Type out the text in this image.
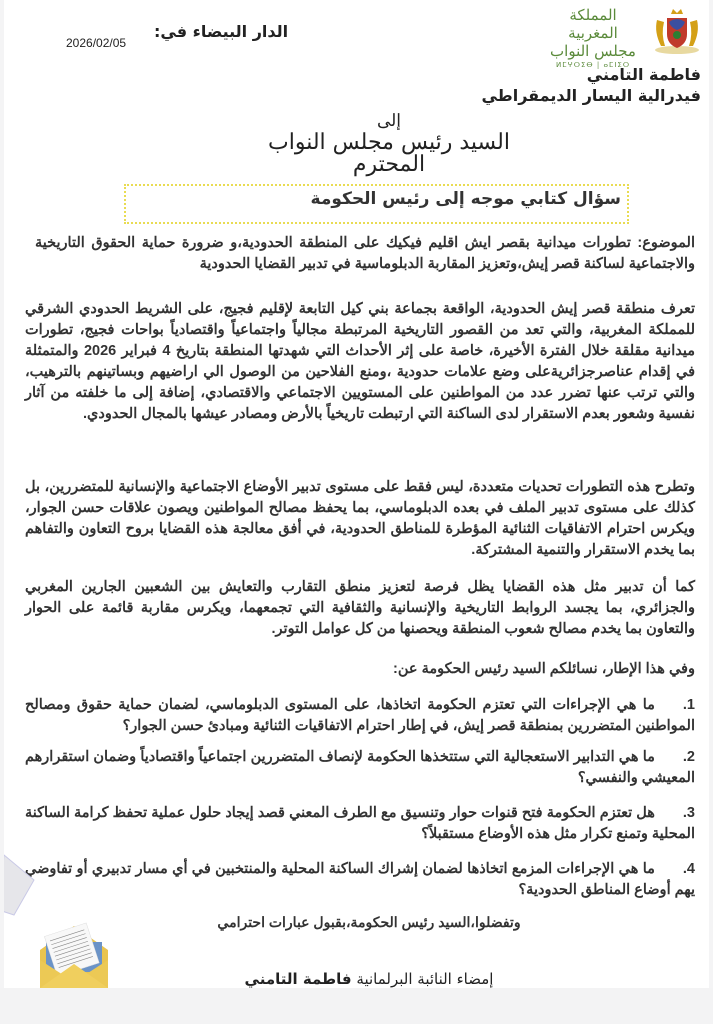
المملكة المغربية
مجلس النواب
ⵍⵎⵖⵔⵉⴱ | ⴰⵎⵏⵉⵔ
الدار البيضاء في:
2026/02/05
فاطمة التامني
فيدرالية اليسار الديمقراطي
إلى
السيد رئيس مجلس النواب المحترم
سؤال كتابي موجه إلى رئيس الحكومة
الموضوع: تطورات ميدانية بقصر ايش اقليم فيكيك على المنطقة الحدودية،و ضرورة حماية الحقوق التاريخية والاجتماعية لساكنة قصر إيش،وتعزيز المقاربة الدبلوماسية في تدبير القضايا الحدودية
تعرف منطقة قصر إيش الحدودية، الواقعة بجماعة بني كيل التابعة لإقليم فجيج، على الشريط الحدودي الشرقي للمملكة المغربية، والتي تعد من القصور التاريخية المرتبطة مجالياً واجتماعياً واقتصادياً بواحات فجيج، تطورات ميدانية مقلقة خلال الفترة الأخيرة، خاصة على إثر الأحداث التي شهدتها المنطقة بتاريخ 4 فبراير 2026 والمتمثلة في إقدام عناصرجزائريةعلى وضع علامات حدودية ،ومنع الفلاحين من الوصول الي اراضيهم وبساتينهم بالترهيب، والتي ترتب عنها تضرر عدد من المواطنين على المستويين الاجتماعي والاقتصادي، إضافة إلى ما خلفته من آثار نفسية وشعور بعدم الاستقرار لدى الساكنة التي ارتبطت تاريخياً بالأرض ومصادر عيشها بالمجال الحدودي.
وتطرح هذه التطورات تحديات متعددة، ليس فقط على مستوى تدبير الأوضاع الاجتماعية والإنسانية للمتضررين، بل كذلك على مستوى تدبير الملف في بعده الدبلوماسي، بما يحفظ مصالح المواطنين ويصون علاقات حسن الجوار، ويكرس احترام الاتفاقيات الثنائية المؤطرة للمناطق الحدودية، في أفق معالجة هذه القضايا بروح التعاون والتفاهم بما يخدم الاستقرار والتنمية المشتركة.
كما أن تدبير مثل هذه القضايا يظل فرصة لتعزيز منطق التقارب والتعايش بين الشعبين الجارين المغربي والجزائري، بما يجسد الروابط التاريخية والإنسانية والثقافية التي تجمعهما، ويكرس مقاربة قائمة على الحوار والتعاون بما يخدم مصالح شعوب المنطقة ويحصنها من كل عوامل التوتر.
وفي هذا الإطار، نسائلكم السيد رئيس الحكومة عن:
1.ما هي الإجراءات التي تعتزم الحكومة اتخاذها، على المستوى الدبلوماسي، لضمان حماية حقوق ومصالح المواطنين المتضررين بمنطقة قصر إيش، في إطار احترام الاتفاقيات الثنائية ومبادئ حسن الجوار؟
2.ما هي التدابير الاستعجالية التي ستتخذها الحكومة لإنصاف المتضررين اجتماعياً واقتصادياً وضمان استقرارهم المعيشي والنفسي؟
3.هل تعتزم الحكومة فتح قنوات حوار وتنسيق مع الطرف المعني قصد إيجاد حلول عملية تحفظ كرامة الساكنة المحلية وتمنع تكرار مثل هذه الأوضاع مستقبلاً؟
4.ما هي الإجراءات المزمع اتخاذها لضمان إشراك الساكنة المحلية والمنتخبين في أي مسار تدبيري أو تفاوضي يهم أوضاع المناطق الحدودية؟
وتفضلوا،السيد رئيس الحكومة،بقبول عبارات احترامي
إمضاء النائبة البرلمانية فاطمة التامني
